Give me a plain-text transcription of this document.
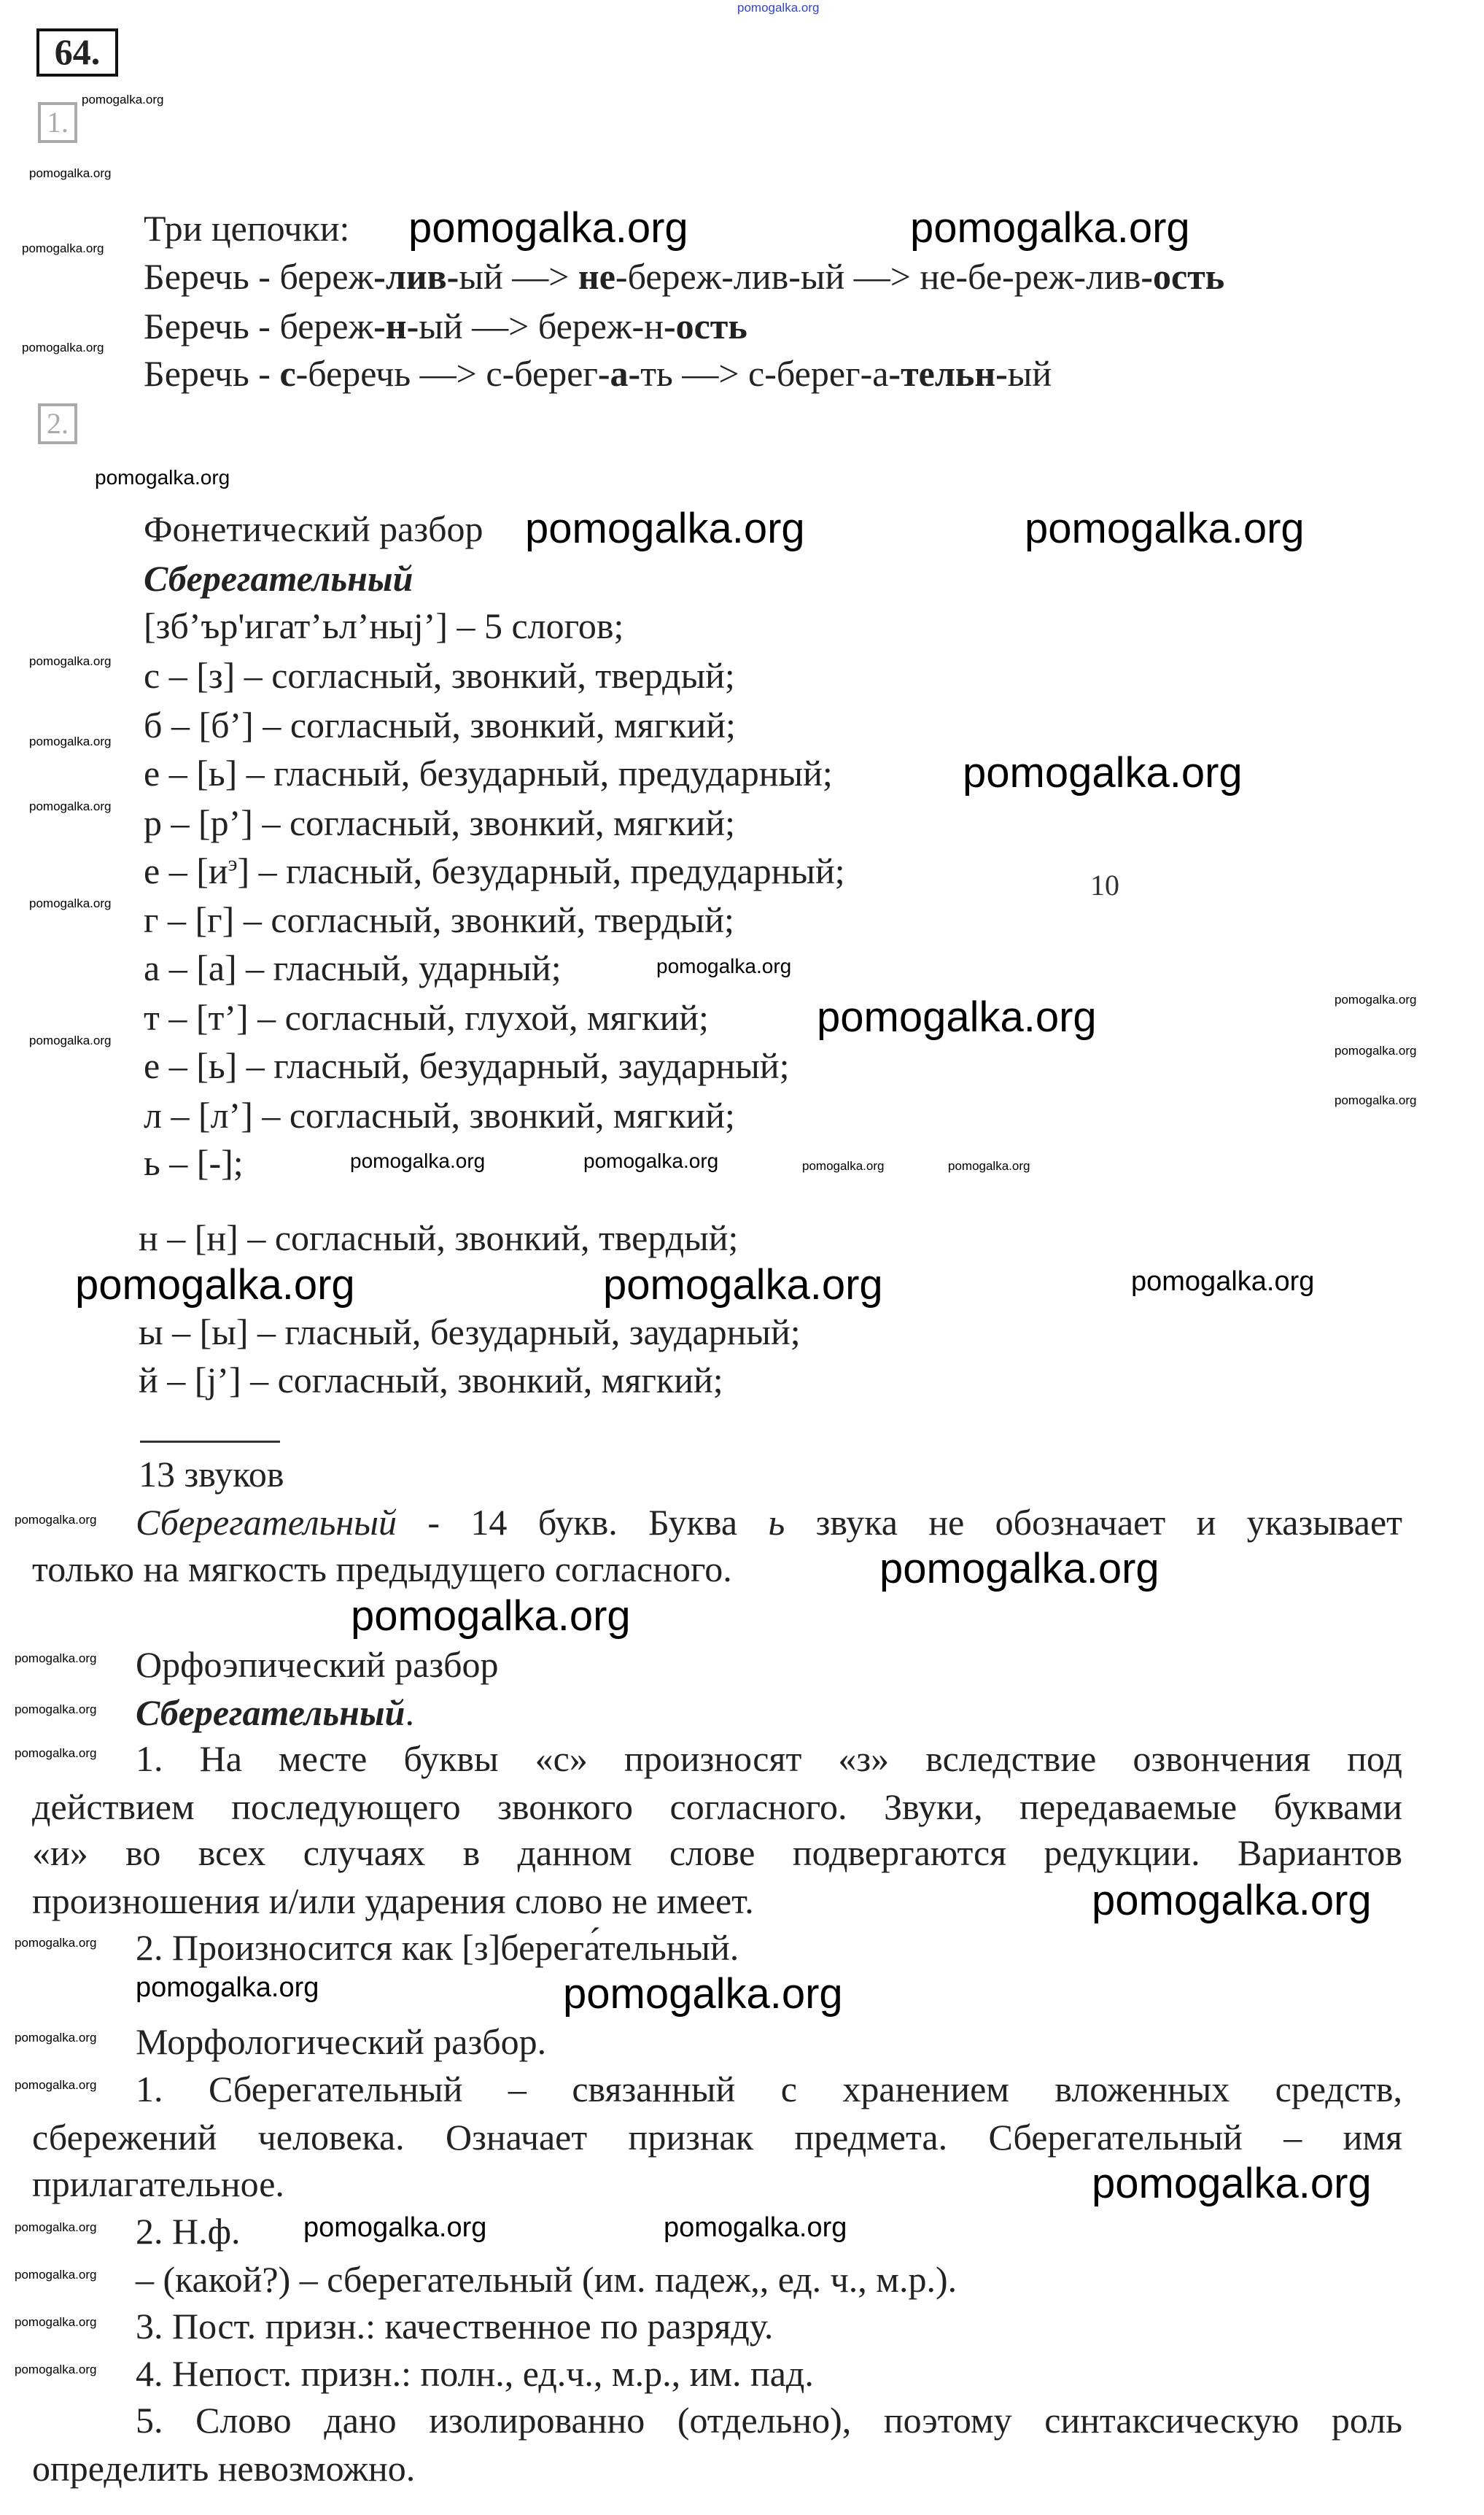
pomogalka.org
64.
1.
2.
Три цепочки:
Беречь - береж-лив-ый —> не-береж-лив-ый —> не-бе-реж-лив-ость
Беречь - береж-н-ый —> береж-н-ость
Беречь - с-беречь —> с-берег-а-ть —> с-берег-а-тельн-ый
Фонетический разбор
Сберегательный
[зб’ър'игат’ьл’ныj’] – 5 слогов;
с – [з] – согласный, звонкий, твердый;
б – [б’] – согласный, звонкий, мягкий;
е – [ь] – гласный, безударный, предударный;
р – [р’] – согласный, звонкий, мягкий;
е – $[и^э]$ – гласный, безударный, предударный;
г – [г] – согласный, звонкий, твердый;
а – [а] – гласный, ударный;
т – [т’] – согласный, глухой, мягкий;
е – [ь] – гласный, безударный, заударный;
л – [л’] – согласный, звонкий, мягкий;
ь – [-];
н – [н] – согласный, звонкий, твердый;
ы – [ы] – гласный, безударный, заударный;
й – [j’] – согласный, звонкий, мягкий;
13 звуков
Сберегательный - 14 букв. Буква ь звука не обозначает и указывает
только на мягкость предыдущего согласного.
10
Орфоэпический разбор
Сберегательный.
1. На месте буквы «с» произносят «з» вследствие озвончения под
действием последующего звонкого согласного. Звуки, передаваемые буквами
«и» во всех случаях в данном слове подвергаются редукции. Вариантов
произношения и/или ударения слово не имеет.
2. Произносится как [з]берега́тельный.
Морфологический разбор.
1. Сберегательный – связанный с хранением вложенных средств,
сбережений человека. Означает признак предмета. Сберегательный – имя
прилагательное.
2. Н.ф.
– (какой?) – сберегательный (им. падеж,, ед. ч., м.р.).
3. Пост. призн.: качественное по разряду.
4. Непост. призн.: полн., ед.ч., м.р., им. пад.
5. Слово дано изолированно (отдельно), поэтому синтаксическую роль
определить невозможно.
pomogalka.org	pomogalka.org
pomogalka.org	pomogalka.org
pomogalka.org
pomogalka.org
pomogalka.org	pomogalka.org
pomogalka.org
pomogalka.org
pomogalka.org
pomogalka.org
pomogalka.org
pomogalka.org
pomogalka.org
pomogalka.org	pomogalka.org
pomogalka.org
pomogalka.org	pomogalka.org
pomogalka.org
pomogalka.org
pomogalka.org
pomogalka.org
pomogalka.org
pomogalka.org
pomogalka.org
pomogalka.org
pomogalka.org
pomogalka.org
pomogalka.org	pomogalka.org
pomogalka.org
pomogalka.org
pomogalka.org
pomogalka.org
pomogalka.org
pomogalka.org
pomogalka.org
pomogalka.org
pomogalka.org
pomogalka.org
pomogalka.org
pomogalka.org
pomogalka.org
pomogalka.org
